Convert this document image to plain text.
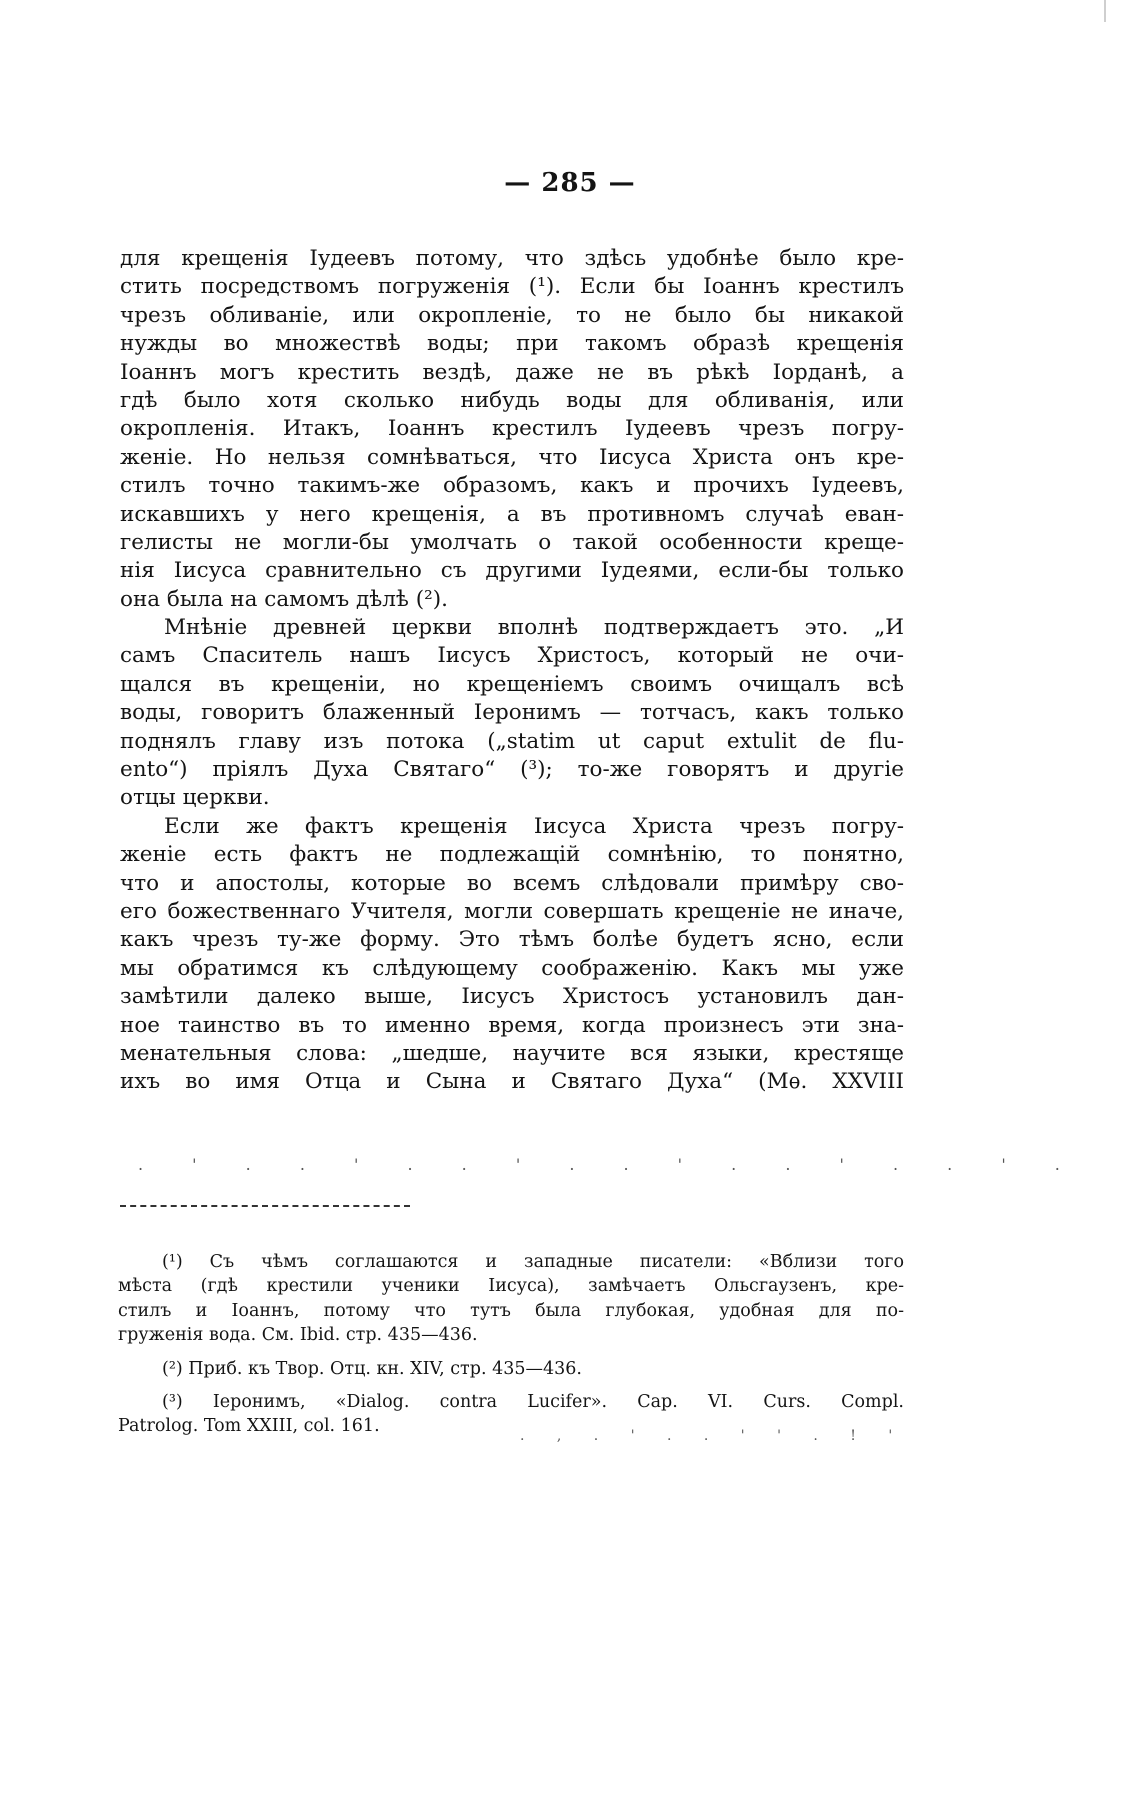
— 285 —
для крещенія Іудеевъ потому, что здѣсь удобнѣе было кре-
стить посредствомъ погруженія (¹). Если бы Іоаннъ крестилъ
чрезъ обливаніе, или окропленіе, то не было бы никакой
нужды во множествѣ воды; при такомъ образѣ крещенія
Іоаннъ могъ крестить вездѣ, даже не въ рѣкѣ Іорданѣ, а
гдѣ было хотя сколько нибудь воды для обливанія, или
окропленія. Итакъ, Іоаннъ крестилъ Іудеевъ чрезъ погру-
женіе. Но нельзя сомнѣваться, что Іисуса Христа онъ кре-
стилъ точно такимъ-же образомъ, какъ и прочихъ Іудеевъ,
искавшихъ у него крещенія, а въ противномъ случаѣ еван-
гелисты не могли-бы умолчать о такой особенности креще-
нія Іисуса сравнительно съ другими Іудеями, если-бы только
она была на самомъ дѣлѣ (²).
Мнѣніе древней церкви вполнѣ подтверждаетъ это. „И
самъ Спаситель нашъ Іисусъ Христосъ, который не очи-
щался въ крещеніи, но крещеніемъ своимъ очищалъ всѣ
воды, говоритъ блаженный Іеронимъ — тотчасъ, какъ только
поднялъ главу изъ потока („statim ut caput extulit de flu-
ento“) пріялъ Духа Святаго“ (³); то-же говорятъ и другіе
отцы церкви.
Если же фактъ крещенія Іисуса Христа чрезъ погру-
женіе есть фактъ не подлежащій сомнѣнію, то понятно,
что и апостолы, которые во всемъ слѣдовали примѣру сво-
его божественнаго Учителя, могли совершать крещеніе не иначе,
какъ чрезъ ту-же форму. Это тѣмъ болѣе будетъ ясно, если
мы обратимся къ слѣдующему соображенію. Какъ мы уже
замѣтили далеко выше, Іисусъ Христосъ установилъ дан-
ное таинство въ то именно время, когда произнесъ эти зна-
менательныя слова: „шедше, научите вся языки, крестяще
ихъ во имя Отца и Сына и Святаго Духа“ (Мѳ. XXVIII
. ' . . ' . . ' . . ' . . ' . . ' .
(¹) Съ чѣмъ соглашаются и западные писатели: «Вблизи того
мѣста (гдѣ крестили ученики Іисуса), замѣчаетъ Ольсгаузенъ, кре-
стилъ и Іоаннъ, потому что тутъ была глубокая, удобная для по-
груженія вода. См. Ibid. стр. 435—436.
(²) Приб. къ Твор. Отц. кн. XIV, стр. 435—436.
(³) Іеронимъ, «Dialog. contra Lucifer». Cap. VI. Curs. Compl.
Patrolog. Tom XXIII, col. 161.	. , . ' . . ' ' . ! '
